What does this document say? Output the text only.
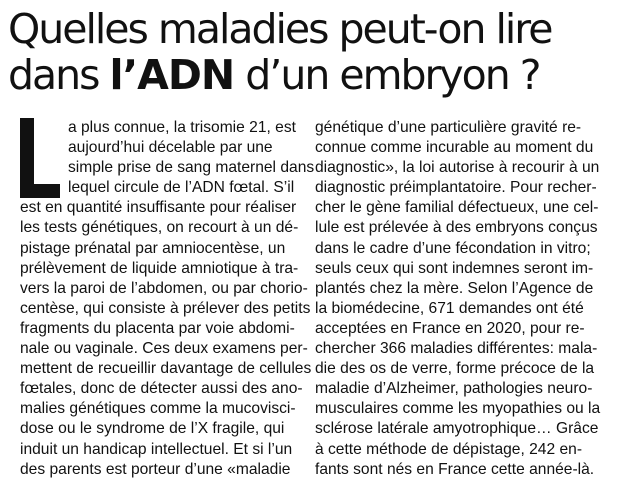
Quelles maladies peut-on lire
dans l’ADN d’un embryon ?
a plus connue, la trisomie 21, est
aujourd’hui décelable par une
simple prise de sang maternel dans
lequel circule de l’ADN fœtal. S’il
est en quantité insuffisante pour réaliser
les tests génétiques, on recourt à un dé-
pistage prénatal par amniocentèse, un
prélèvement de liquide amniotique à tra-
vers la paroi de l’abdomen, ou par chorio-
centèse, qui consiste à prélever des petits
fragments du placenta par voie abdomi-
nale ou vaginale. Ces deux examens per-
mettent de recueillir davantage de cellules
fœtales, donc de détecter aussi des ano-
malies génétiques comme la mucovisci-
dose ou le syndrome de l’X fragile, qui
induit un handicap intellectuel. Et si l’un
des parents est porteur d’une «maladie
génétique d’une particulière gravité re-
connue comme incurable au moment du
diagnostic», la loi autorise à recourir à un
diagnostic préimplantatoire. Pour recher-
cher le gène familial défectueux, une cel-
lule est prélevée à des embryons conçus
dans le cadre d’une fécondation in vitro;
seuls ceux qui sont indemnes seront im-
plantés chez la mère. Selon l’Agence de
la biomédecine, 671 demandes ont été
acceptées en France en 2020, pour re-
chercher 366 maladies différentes: mala-
die des os de verre, forme précoce de la
maladie d’Alzheimer, pathologies neuro-
musculaires comme les myopathies ou la
sclérose latérale amyotrophique… Grâce
à cette méthode de dépistage, 242 en-
fants sont nés en France cette année-là.
